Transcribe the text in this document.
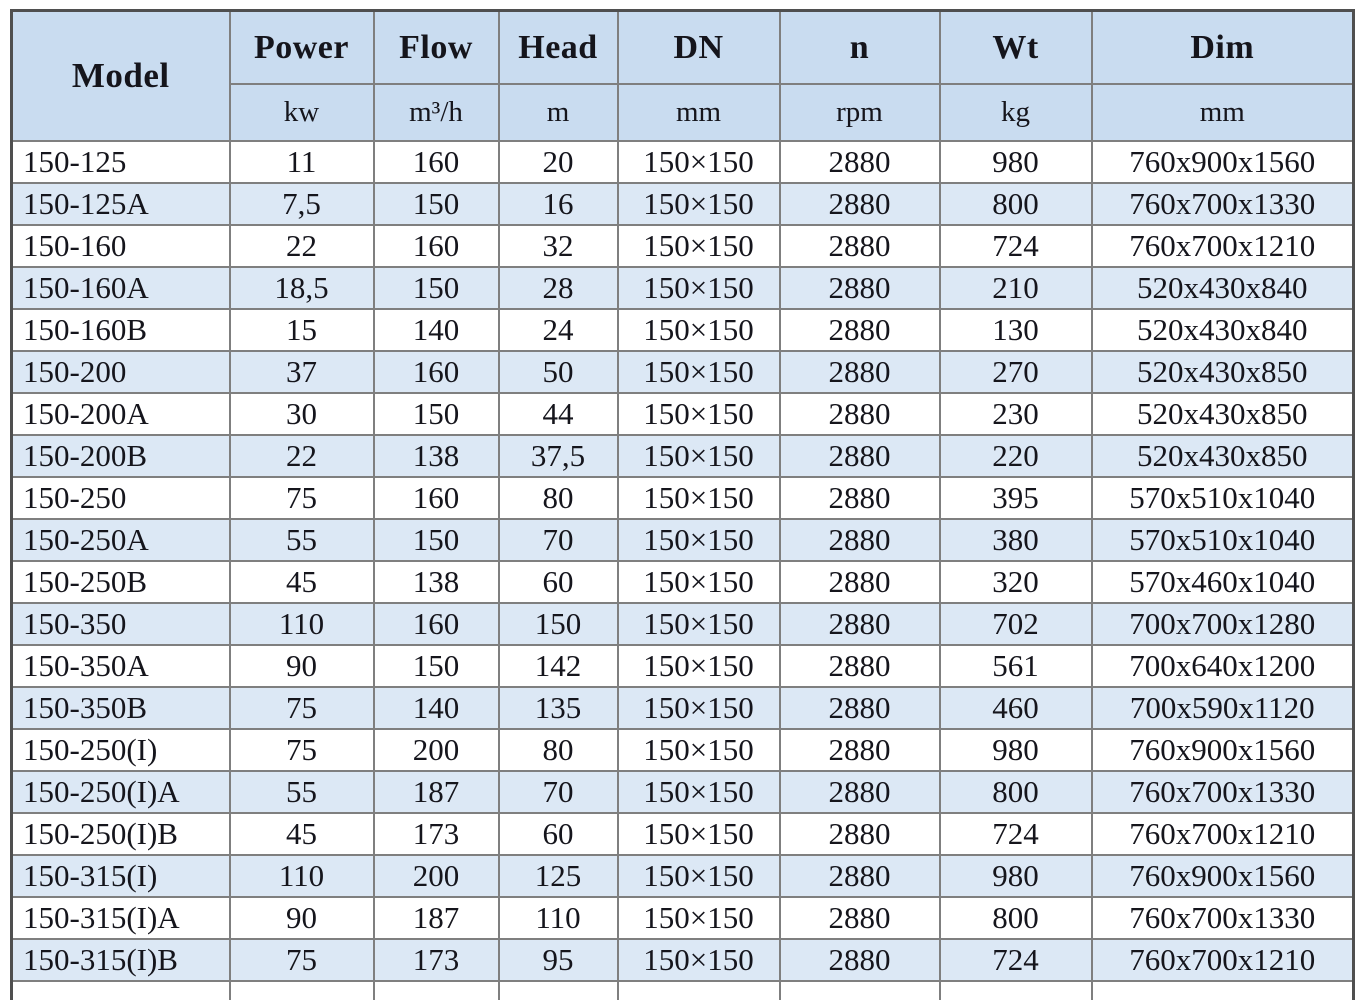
Model	Power	Flow	Head	DN	n	Wt	Dim
	kw	m³/h	m	mm	rpm	kg	mm
150-125	11	160	20	150×150	2880	980	760x900x1560
150-125A	7,5	150	16	150×150	2880	800	760x700x1330
150-160	22	160	32	150×150	2880	724	760x700x1210
150-160A	18,5	150	28	150×150	2880	210	520x430x840
150-160B	15	140	24	150×150	2880	130	520x430x840
150-200	37	160	50	150×150	2880	270	520x430x850
150-200A	30	150	44	150×150	2880	230	520x430x850
150-200B	22	138	37,5	150×150	2880	220	520x430x850
150-250	75	160	80	150×150	2880	395	570x510x1040
150-250A	55	150	70	150×150	2880	380	570x510x1040
150-250B	45	138	60	150×150	2880	320	570x460x1040
150-350	110	160	150	150×150	2880	702	700x700x1280
150-350A	90	150	142	150×150	2880	561	700x640x1200
150-350B	75	140	135	150×150	2880	460	700x590x1120
150-250(I)	75	200	80	150×150	2880	980	760x900x1560
150-250(I)A	55	187	70	150×150	2880	800	760x700x1330
150-250(I)B	45	173	60	150×150	2880	724	760x700x1210
150-315(I)	110	200	125	150×150	2880	980	760x900x1560
150-315(I)A	90	187	110	150×150	2880	800	760x700x1330
150-315(I)B	75	173	95	150×150	2880	724	760x700x1210
